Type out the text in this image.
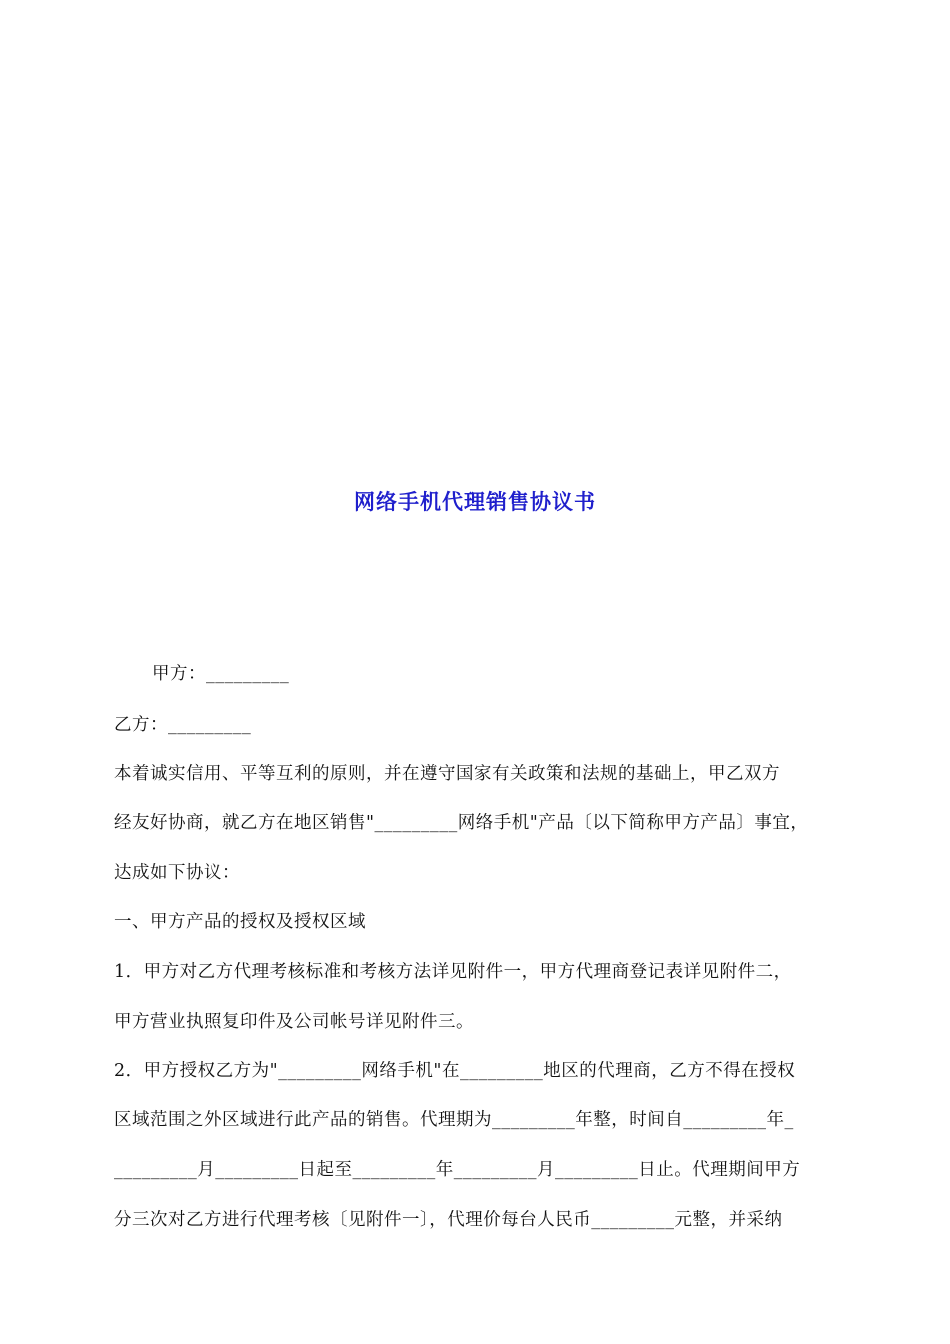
网络手机代理销售协议书
甲方：_________
乙方：_________
本着诚实信用、平等互利的原则，并在遵守国家有关政策和法规的基础上，甲乙双方
经友好协商，就乙方在地区销售"_________网络手机"产品〔以下简称甲方产品〕事宜，
达成如下协议：
一、甲方产品的授权及授权区域
1．甲方对乙方代理考核标准和考核方法详见附件一，甲方代理商登记表详见附件二，
甲方营业执照复印件及公司帐号详见附件三。
2．甲方授权乙方为"_________网络手机"在_________地区的代理商，乙方不得在授权
区域范围之外区域进行此产品的销售。代理期为_________年整，时间自_________年_
_________月_________日起至_________年_________月_________日止。代理期间甲方
分三次对乙方进行代理考核〔见附件一〕，代理价每台人民币_________元整，并采纳
